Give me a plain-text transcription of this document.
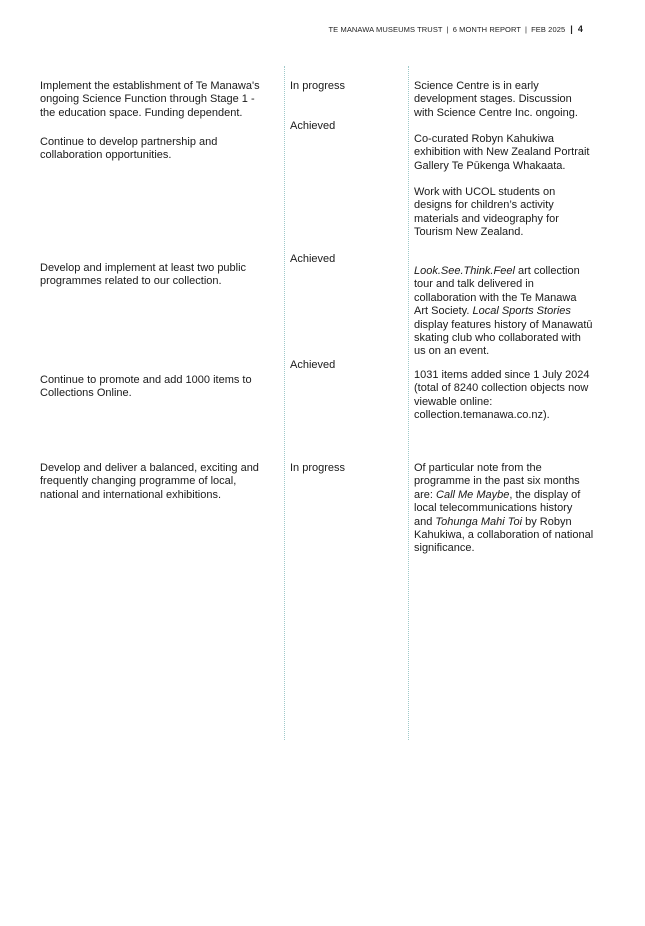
TE MANAWA MUSEUMS TRUST | 6 MONTH REPORT | FEB 2025 | 4
Implement the establishment of Te Manawa's
ongoing Science Function through Stage 1 -
the education space. Funding dependent.
In progress	Science Centre is in early
development stages. Discussion
with Science Centre Inc. ongoing.
Continue to develop partnership and
collaboration opportunities.
Achieved
Co-curated Robyn Kahukiwa
exhibition with New Zealand Portrait
Gallery Te Pūkenga Whakaata.
Work with UCOL students on
designs for children’s activity
materials and videography for
Tourism New Zealand.
Develop and implement at least two public
programmes related to our collection.
Achieved
Look.See.Think.Feel art collection
tour and talk delivered in
collaboration with the Te Manawa
Art Society. Local Sports Stories
display features history of Manawatū
skating club who collaborated with
us on an event.
Continue to promote and add 1000 items to
Collections Online.
Achieved
1031 items added since 1 July 2024
(total of 8240 collection objects now
viewable online:
collection.temanawa.co.nz).
Develop and deliver a balanced, exciting and
frequently changing programme of local,
national and international exhibitions.
In progress	Of particular note from the
programme in the past six months
are: Call Me Maybe, the display of
local telecommunications history
and Tohunga Mahi Toi by Robyn
Kahukiwa, a collaboration of national
significance.
